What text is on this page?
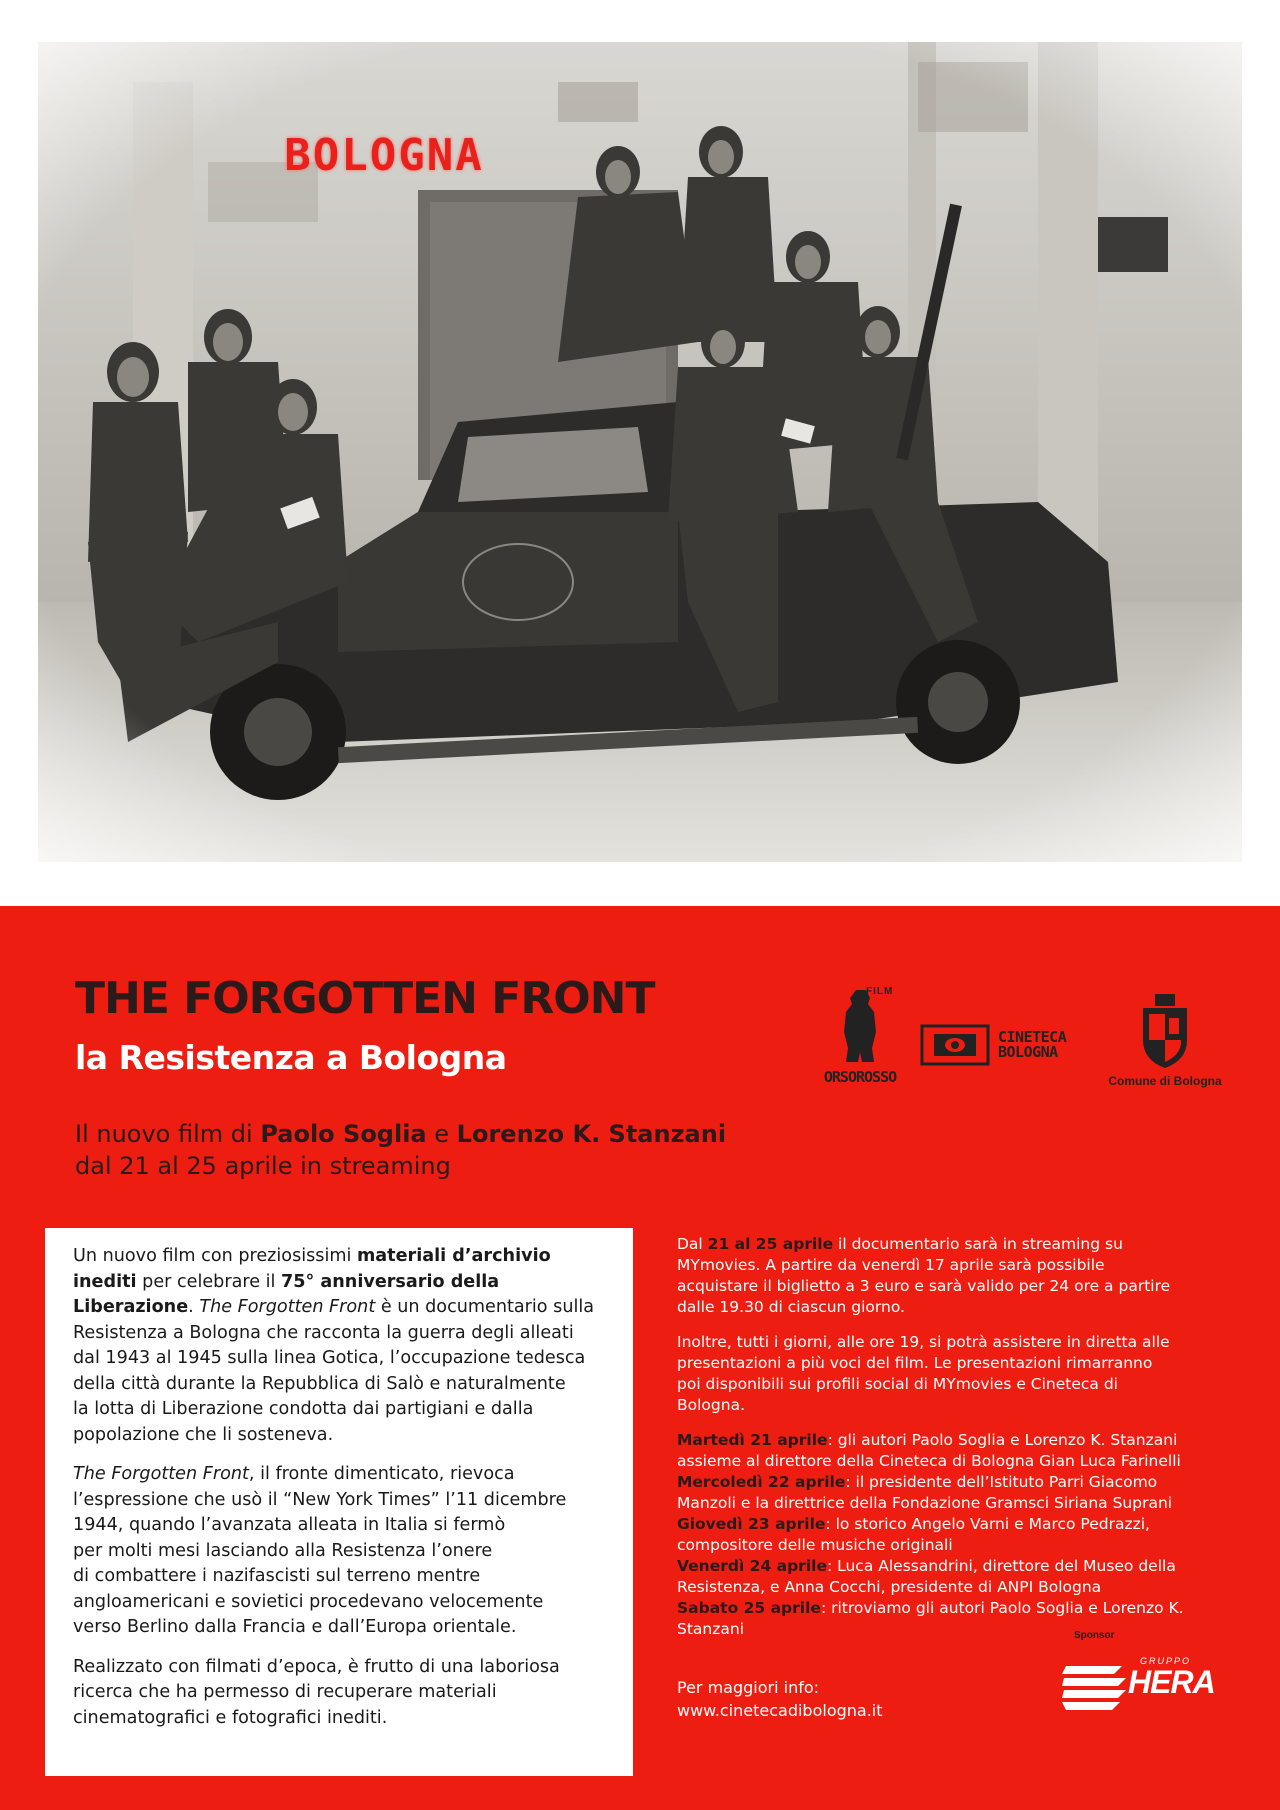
BOLOGNA
THE FORGOTTEN FRONT
la Resistenza a Bologna
Il nuovo film di Paolo Soglia e Lorenzo K. Stanzani
dal 21 al 25 aprile in streaming
FILM
ORSOROSSO
CINETECA
BOLOGNA
Comune di Bologna

Un nuovo film con preziosissimi materiali d’archivio
inediti per celebrare il 75° anniversario della
Liberazione. The Forgotten Front è un documentario sulla
Resistenza a Bologna che racconta la guerra degli alleati
dal 1943 al 1945 sulla linea Gotica, l’occupazione tedesca
della città durante la Repubblica di Salò e naturalmente
la lotta di Liberazione condotta dai partigiani e dalla
popolazione che li sosteneva.

The Forgotten Front, il fronte dimenticato, rievoca
l’espressione che usò il “New York Times” l’11 dicembre
1944, quando l’avanzata alleata in Italia si fermò
per molti mesi lasciando alla Resistenza l’onere
di combattere i nazifascisti sul terreno mentre
angloamericani e sovietici procedevano velocemente
verso Berlino dalla Francia e dall’Europa orientale.

Realizzato con filmati d’epoca, è frutto di una laboriosa
ricerca che ha permesso di recuperare materiali
cinematografici e fotografici inediti.

Dal 21 al 25 aprile il documentario sarà in streaming su
MYmovies. A partire da venerdì 17 aprile sarà possibile
acquistare il biglietto a 3 euro e sarà valido per 24 ore a partire
dalle 19.30 di ciascun giorno.

Inoltre, tutti i giorni, alle ore 19, si potrà assistere in diretta alle
presentazioni a più voci del film. Le presentazioni rimarranno
poi disponibili sui profili social di MYmovies e Cineteca di
Bologna.

Martedì 21 aprile: gli autori Paolo Soglia e Lorenzo K. Stanzani
assieme al direttore della Cineteca di Bologna Gian Luca Farinelli
Mercoledì 22 aprile: il presidente dell’Istituto Parri Giacomo
Manzoli e la direttrice della Fondazione Gramsci Siriana Suprani
Giovedì 23 aprile: lo storico Angelo Varni e Marco Pedrazzi,
compositore delle musiche originali
Venerdì 24 aprile: Luca Alessandrini, direttore del Museo della
Resistenza, e Anna Cocchi, presidente di ANPI Bologna
Sabato 25 aprile: ritroviamo gli autori Paolo Soglia e Lorenzo K.
Stanzani
Per maggiori info:
www.cinetecadibologna.it
Sponsor
GRUPPO
HERA
